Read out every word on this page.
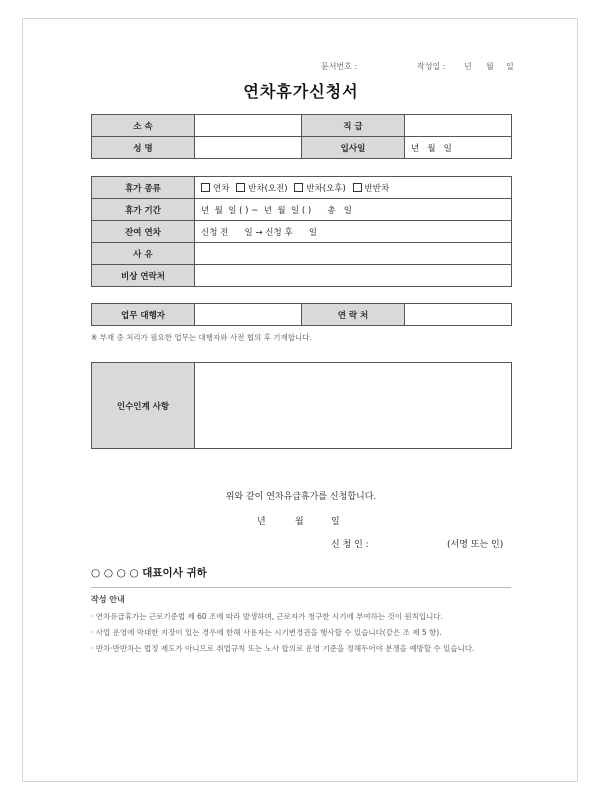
문서번호 :	작성일 : 년 월 일
연차휴가신청서
소 속		직 급	
성 명		입사일	년   월   일
휴가 종류	연차 반차(오전) 반차(오후) 반반차
휴가 기간	년  월  일 ( ) ~  년  월  일 ( )      총   일
잔여 연차	신청 전      일 → 신청 후      일
사 유	
비상 연락처	
업무 대행자		연 락 처	
※ 부재 중 처리가 필요한 업무는 대행자와 사전 협의 후 기재합니다.
인수인계 사항	
위와 같이 연차유급휴가를 신청합니다.
년	월	일
신 청 인 :	(서명 또는 인)
○ ○ ○ ○ 대표이사 귀하
작성 안내
· 연차유급휴가는 근로기준법 제 60 조에 따라 발생하며, 근로자가 청구한 시기에 부여하는 것이 원칙입니다.
· 사업 운영에 막대한 지장이 있는 경우에 한해 사용자는 시기변경권을 행사할 수 있습니다(같은 조 제 5 항).
· 반차·반반차는 법정 제도가 아니므로 취업규칙 또는 노사 합의로 운영 기준을 정해두어야 분쟁을 예방할 수 있습니다.
